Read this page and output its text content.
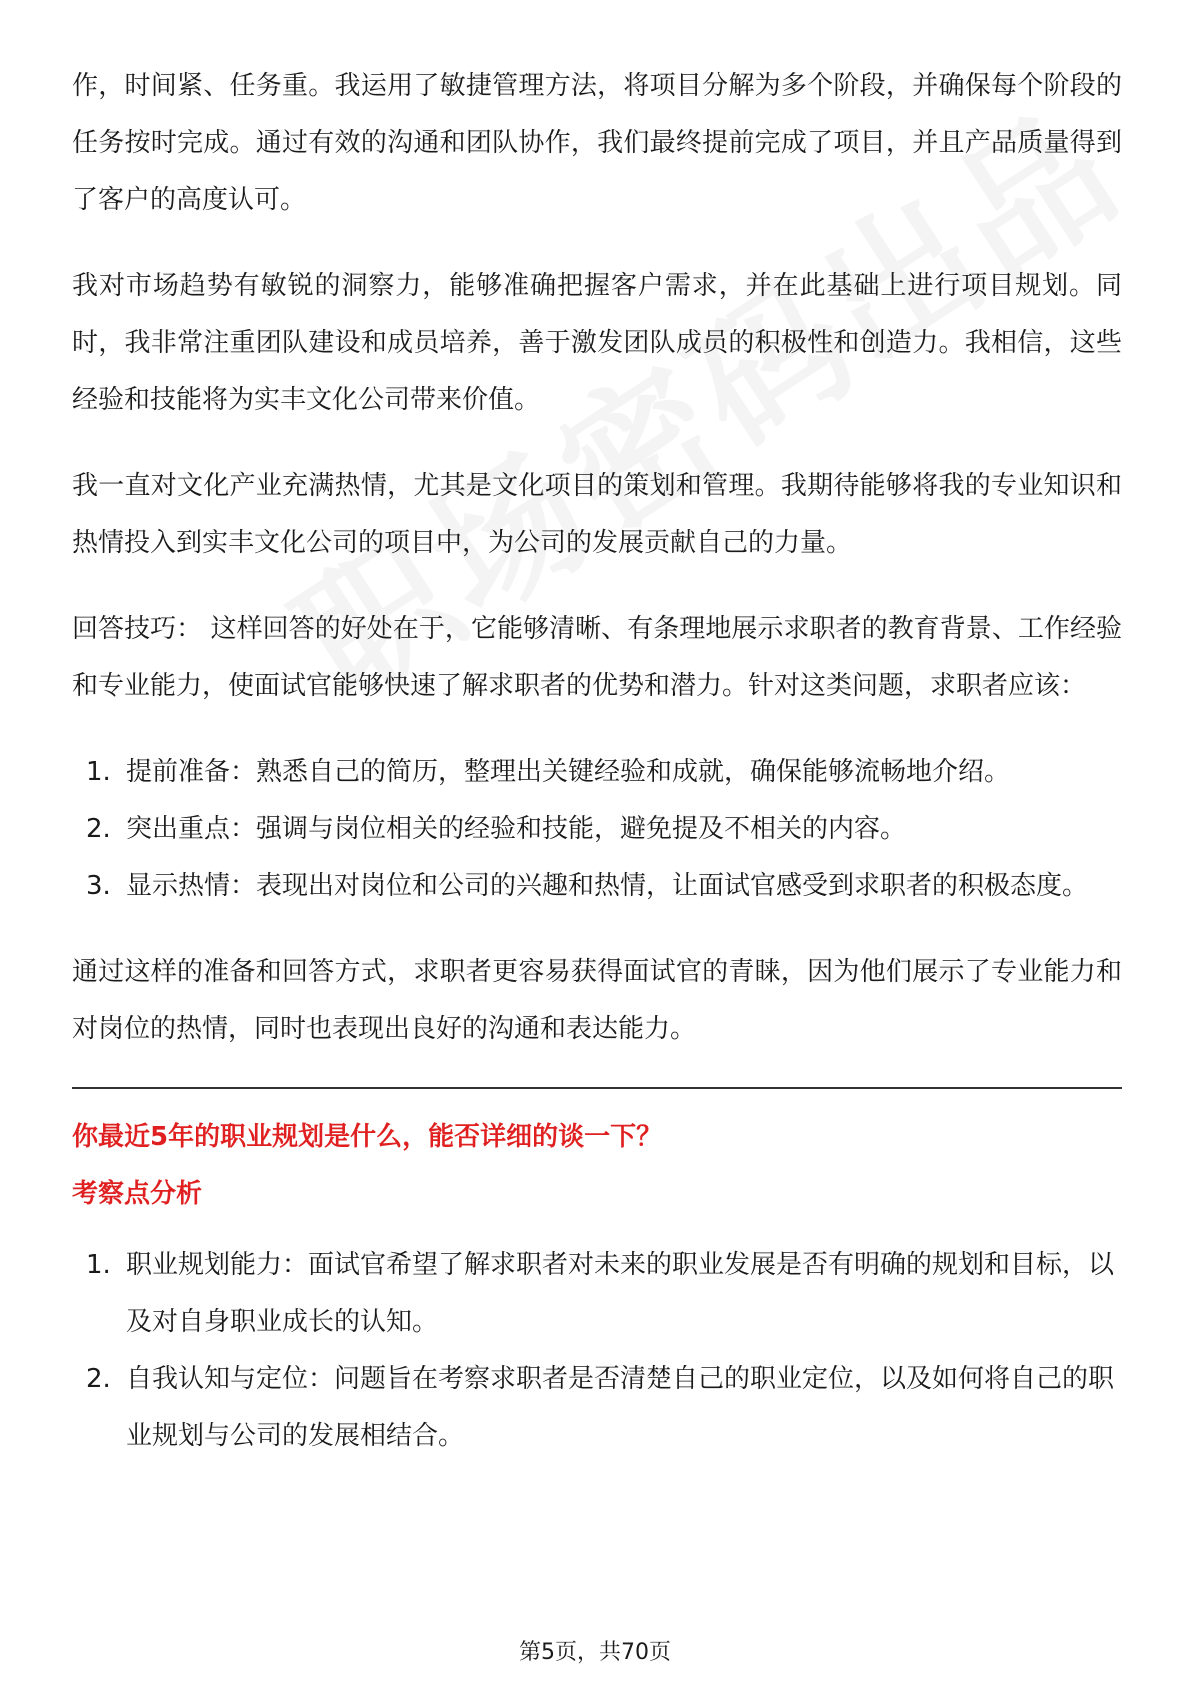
作，时间紧、任务重。我运用了敏捷管理方法，将项目分解为多个阶段，并确保每个阶段的任务按时完成。通过有效的沟通和团队协作，我们最终提前完成了项目，并且产品质量得到了客户的高度认可。

我对市场趋势有敏锐的洞察力，能够准确把握客户需求，并在此基础上进行项目规划。同时，我非常注重团队建设和成员培养，善于激发团队成员的积极性和创造力。我相信，这些经验和技能将为实丰文化公司带来价值。

我一直对文化产业充满热情，尤其是文化项目的策划和管理。我期待能够将我的专业知识和热情投入到实丰文化公司的项目中，为公司的发展贡献自己的力量。

回答技巧： 这样回答的好处在于，它能够清晰、有条理地展示求职者的教育背景、工作经验和专业能力，使面试官能够快速了解求职者的优势和潜力。针对这类问题，求职者应该：

1. 提前准备：熟悉自己的简历，整理出关键经验和成就，确保能够流畅地介绍。
2. 突出重点：强调与岗位相关的经验和技能，避免提及不相关的内容。
3. 显示热情：表现出对岗位和公司的兴趣和热情，让面试官感受到求职者的积极态度。

通过这样的准备和回答方式，求职者更容易获得面试官的青睐，因为他们展示了专业能力和对岗位的热情，同时也表现出良好的沟通和表达能力。

你最近5年的职业规划是什么，能否详细的谈一下？

考察点分析

1. 职业规划能力：面试官希望了解求职者对未来的职业发展是否有明确的规划和目标，以及对自身职业成长的认知。
2. 自我认知与定位：问题旨在考察求职者是否清楚自己的职业定位，以及如何将自己的职业规划与公司的发展相结合。
第5页，共70页
